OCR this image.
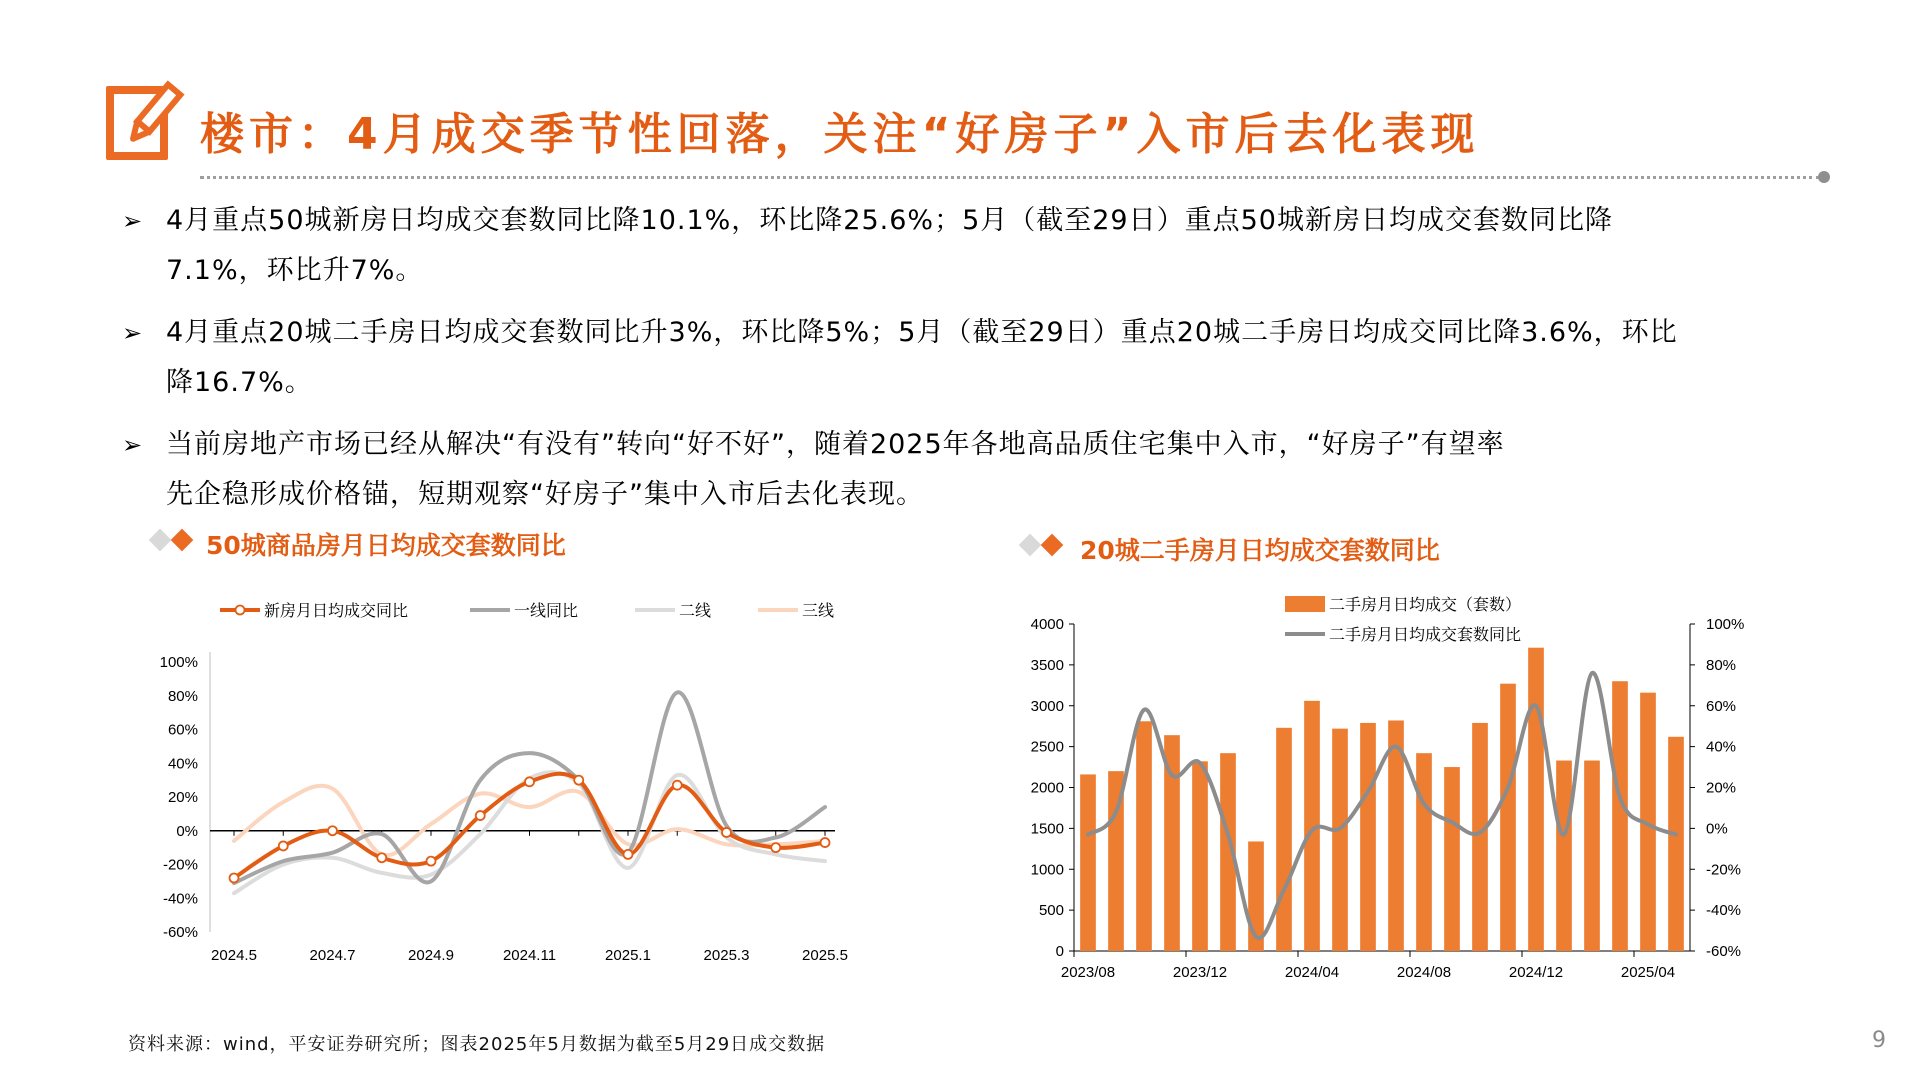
楼市：4月成交季节性回落，关注“好房子”入市后去化表现
➢ 4月重点50城新房日均成交套数同比降10.1%，环比降25.6%；5月（截至29日）重点50城新房日均成交套数同比降
7.1%，环比升7%。
➢ 4月重点20城二手房日均成交套数同比升3%，环比降5%；5月（截至29日）重点20城二手房日均成交同比降3.6%，环比
降16.7%。
➢ 当前房地产市场已经从解决“有没有”转向“好不好”，随着2025年各地高品质住宅集中入市，“好房子”有望率
先企稳形成价格锚，短期观察“好房子”集中入市后去化表现。
50城商品房月日均成交套数同比	20城二手房月日均成交套数同比
-60%
-40%
-20%
0%
20%
40%
60%
80%
100%
2024.5	2024.7	2024.9	2024.11	2025.1	2025.3	2025.5
新房月日均成交同比	一线同比	二线	三线
0
500
1000
1500
2000
2500
3000
3500
4000
-60%
-40%
-20%
0%
20%
40%
60%
80%
100%
2023/08	2023/12	2024/04	2024/08	2024/12	2025/04
二手房月日均成交（套数）
二手房月日均成交套数同比
资料来源：wind，平安证券研究所；图表2025年5月数据为截至5月29日成交数据	9
